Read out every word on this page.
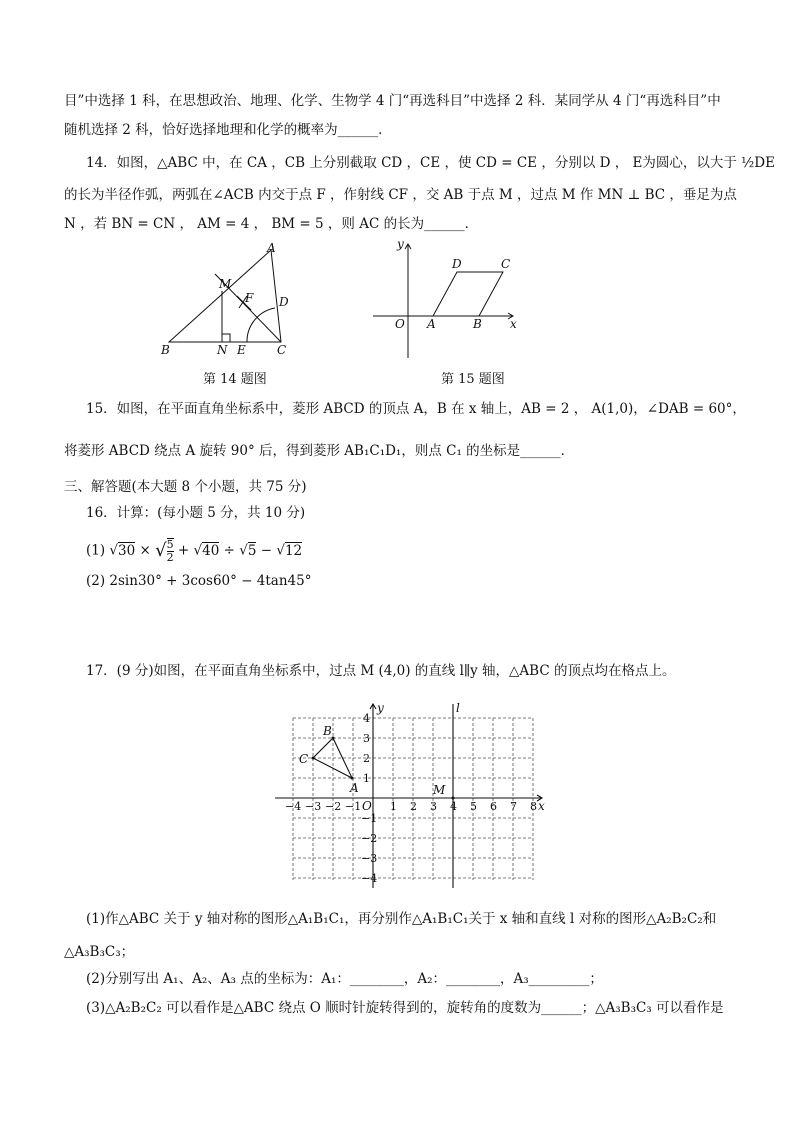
目”中选择 1 科，在思想政治、地理、化学、生物学 4 门“再选科目”中选择 2 科．某同学从 4 门“再选科目”中
随机选择 2 科，恰好选择地理和化学的概率为______．
14．如图，△ABC 中，在 CA ，CB 上分别截取 CD ，CE ，使 CD = CE ，分别以 D ， E为圆心，以大于 ½DE
的长为半径作弧，两弧在∠ACB 内交于点 F ，作射线 CF ，交 AB 于点 M ，过点 M 作 MN ⊥ BC ，垂足为点
N ，若 BN = CN ， AM = 4 ， BM = 5 ，则 AC 的长为______．
A
B	C
M
N E
D
F
第 14 题图
y
x
O A	B
C
D
第 15 题图
15．如图，在平面直角坐标系中，菱形 ABCD 的顶点 A，B 在 x 轴上，AB = 2 ， A(1,0)，∠DAB = 60°，
将菱形 ABCD 绕点 A 旋转 90° 后，得到菱形 AB₁C₁D₁，则点 C₁ 的坐标是______．
三、解答题(本大题 8 个小题，共 75 分)
16．计算：(每小题 5 分，共 10 分)
(1) √30 × √ $\frac{5}{2} + √40 \div √5 - √12$
(2) 2sin30° + 3cos60° − 4tan45°
17．(9 分)如图，在平面直角坐标系中，过点 M (4,0) 的直线 l∥y 轴，△ABC 的顶点均在格点上。
y
x
l
O
M
A
B
C
−4 −3 −2 −1	1 2 3 4 5 6 7 8
1
2
3
4
−1
−2
−3
−4
(1)作△ABC 关于 y 轴对称的图形△A₁B₁C₁，再分别作△A₁B₁C₁关于 x 轴和直线 l 对称的图形△A₂B₂C₂和
△A₃B₃C₃；
(2)分别写出 A₁、A₂、A₃ 点的坐标为：A₁：________，A₂：________，A₃_________；
(3)△A₂B₂C₂ 可以看作是△ABC 绕点 O 顺时针旋转得到的，旋转角的度数为______；△A₃B₃C₃ 可以看作是
